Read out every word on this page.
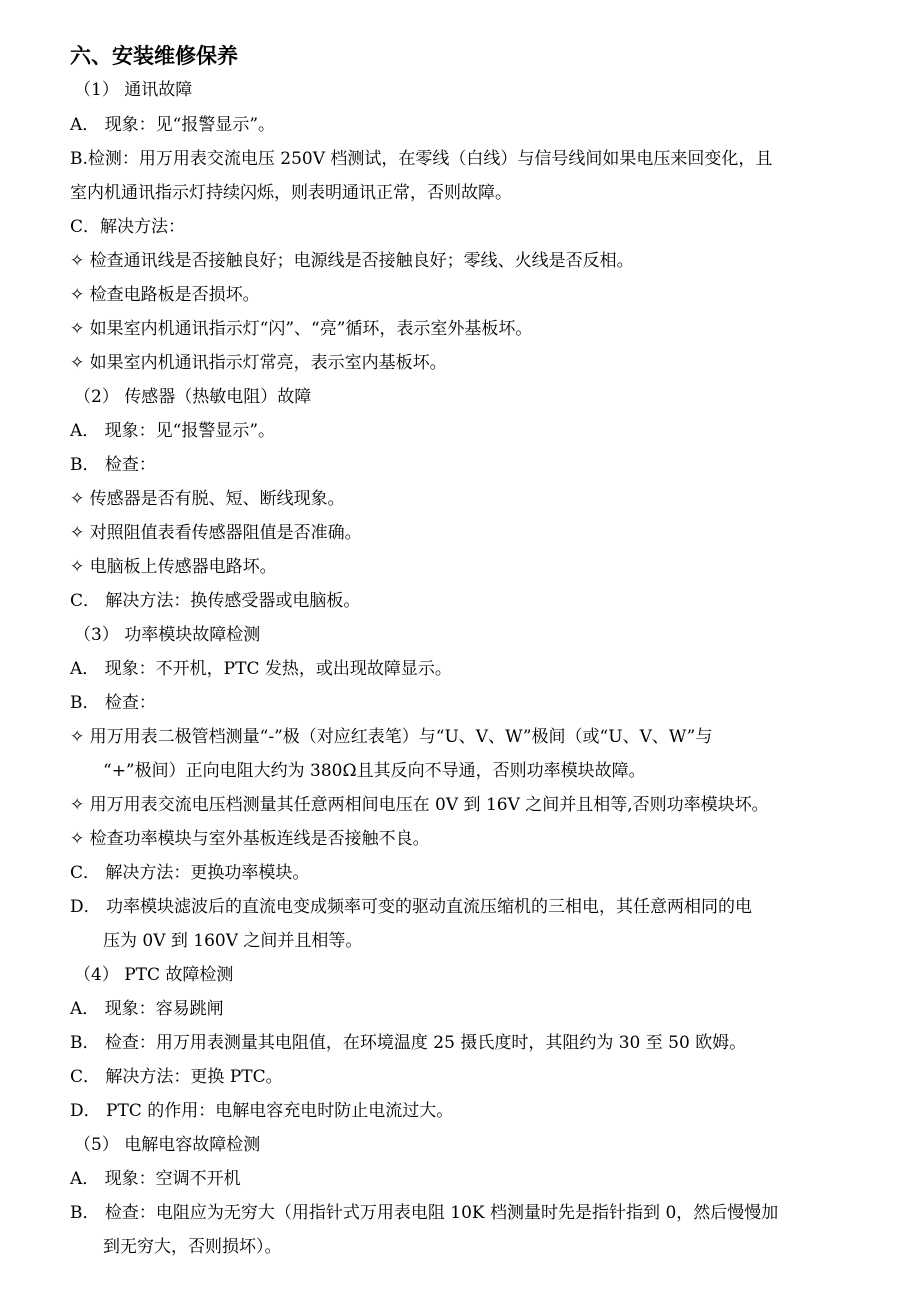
六、安装维修保养
（1） 通讯故障
A． 现象：见“报警显示”。
B.检测：用万用表交流电压 250V 档测试，在零线（白线）与信号线间如果电压来回变化，且
室内机通讯指示灯持续闪烁，则表明通讯正常，否则故障。
C．解决方法：
✧ 检查通讯线是否接触良好；电源线是否接触良好；零线、火线是否反相。
✧ 检查电路板是否损坏。
✧ 如果室内机通讯指示灯“闪”、“亮”循环，表示室外基板坏。
✧ 如果室内机通讯指示灯常亮，表示室内基板坏。
（2） 传感器（热敏电阻）故障
A． 现象：见“报警显示”。
B． 检查：
✧ 传感器是否有脱、短、断线现象。
✧ 对照阻值表看传感器阻值是否准确。
✧ 电脑板上传感器电路坏。
C． 解决方法：换传感受器或电脑板。
（3） 功率模块故障检测
A． 现象：不开机，PTC 发热，或出现故障显示。
B． 检查：
✧ 用万用表二极管档测量“-”极（对应红表笔）与“U、V、W”极间（或“U、V、W”与
“+”极间）正向电阻大约为 380Ω且其反向不导通，否则功率模块故障。
✧ 用万用表交流电压档测量其任意两相间电压在 0V 到 16V 之间并且相等,否则功率模块坏。
✧ 检查功率模块与室外基板连线是否接触不良。
C． 解决方法：更换功率模块。
D． 功率模块滤波后的直流电变成频率可变的驱动直流压缩机的三相电，其任意两相同的电
压为 0V 到 160V 之间并且相等。
（4） PTC 故障检测
A． 现象：容易跳闸
B． 检查：用万用表测量其电阻值，在环境温度 25 摄氏度时，其阻约为 30 至 50 欧姆。
C． 解决方法：更换 PTC。
D． PTC 的作用：电解电容充电时防止电流过大。
（5） 电解电容故障检测
A． 现象：空调不开机
B． 检查：电阻应为无穷大（用指针式万用表电阻 10K 档测量时先是指针指到 0，然后慢慢加
到无穷大，否则损坏）。
